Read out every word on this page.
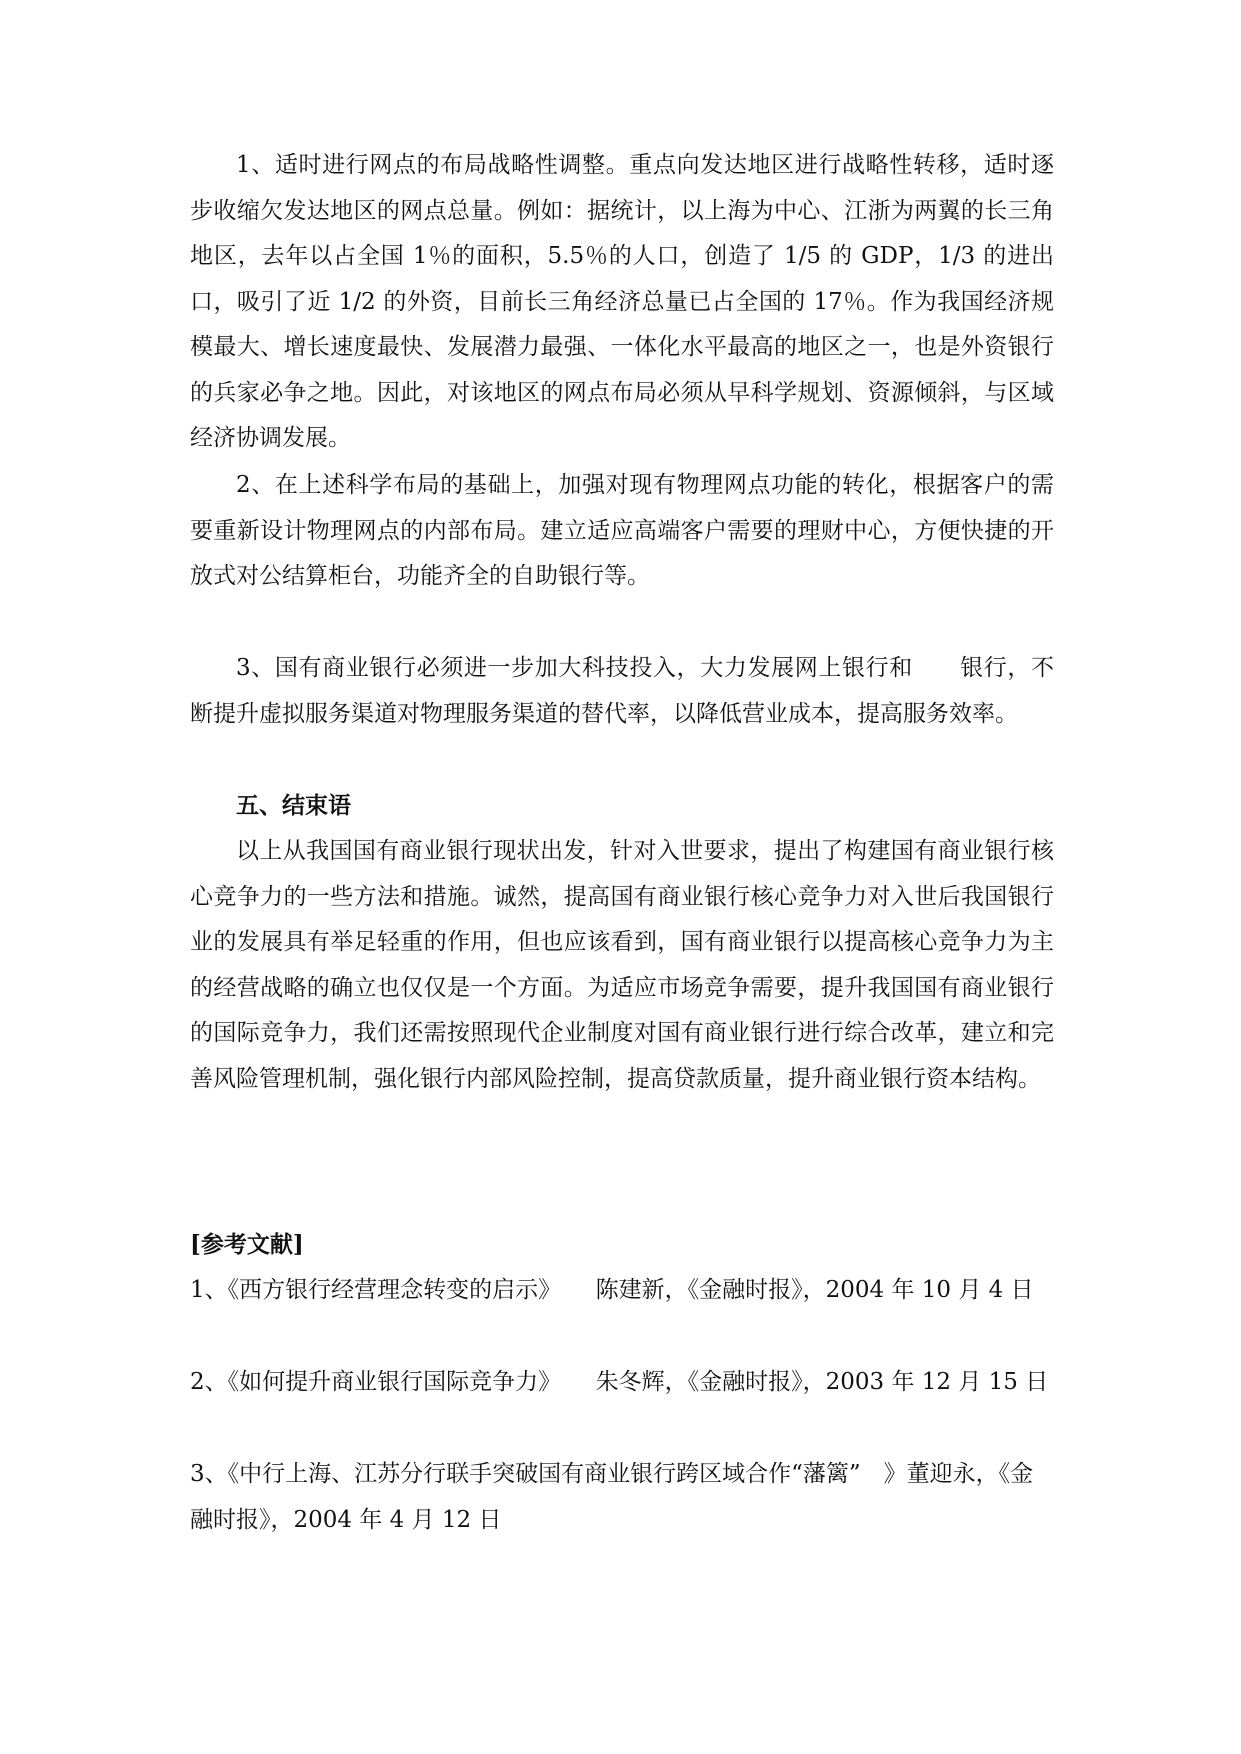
1、适时进行网点的布局战略性调整。重点向发达地区进行战略性转移，适时逐步收缩欠发达地区的网点总量。例如：据统计，以上海为中心、江浙为两翼的长三角地区，去年以占全国 1％的面积，5.5％的人口，创造了 1/5 的 GDP，1/3 的进出口，吸引了近 1/2 的外资，目前长三角经济总量已占全国的 17％。作为我国经济规模最大、增长速度最快、发展潜力最强、一体化水平最高的地区之一，也是外资银行的兵家必争之地。因此，对该地区的网点布局必须从早科学规划、资源倾斜，与区域经济协调发展。

2、在上述科学布局的基础上，加强对现有物理网点功能的转化，根据客户的需要重新设计物理网点的内部布局。建立适应高端客户需要的理财中心，方便快捷的开放式对公结算柜台，功能齐全的自助银行等。

3、国有商业银行必须进一步加大科技投入，大力发展网上银行和　　银行，不断提升虚拟服务渠道对物理服务渠道的替代率，以降低营业成本，提高服务效率。

五、结束语

以上从我国国有商业银行现状出发，针对入世要求，提出了构建国有商业银行核心竞争力的一些方法和措施。诚然，提高国有商业银行核心竞争力对入世后我国银行业的发展具有举足轻重的作用，但也应该看到，国有商业银行以提高核心竞争力为主的经营战略的确立也仅仅是一个方面。为适应市场竞争需要，提升我国国有商业银行的国际竞争力，我们还需按照现代企业制度对国有商业银行进行综合改革，建立和完善风险管理机制，强化银行内部风险控制，提高贷款质量，提升商业银行资本结构。

[参考文献]

1、《西方银行经营理念转变的启示》　　陈建新，《金融时报》，2004 年 10 月 4 日

2、《如何提升商业银行国际竞争力》　　朱冬辉，《金融时报》，2003 年 12 月 15 日

3、《中行上海、江苏分行联手突破国有商业银行跨区域合作“藩篱”　》董迎永，《金融时报》，2004 年 4 月 12 日
